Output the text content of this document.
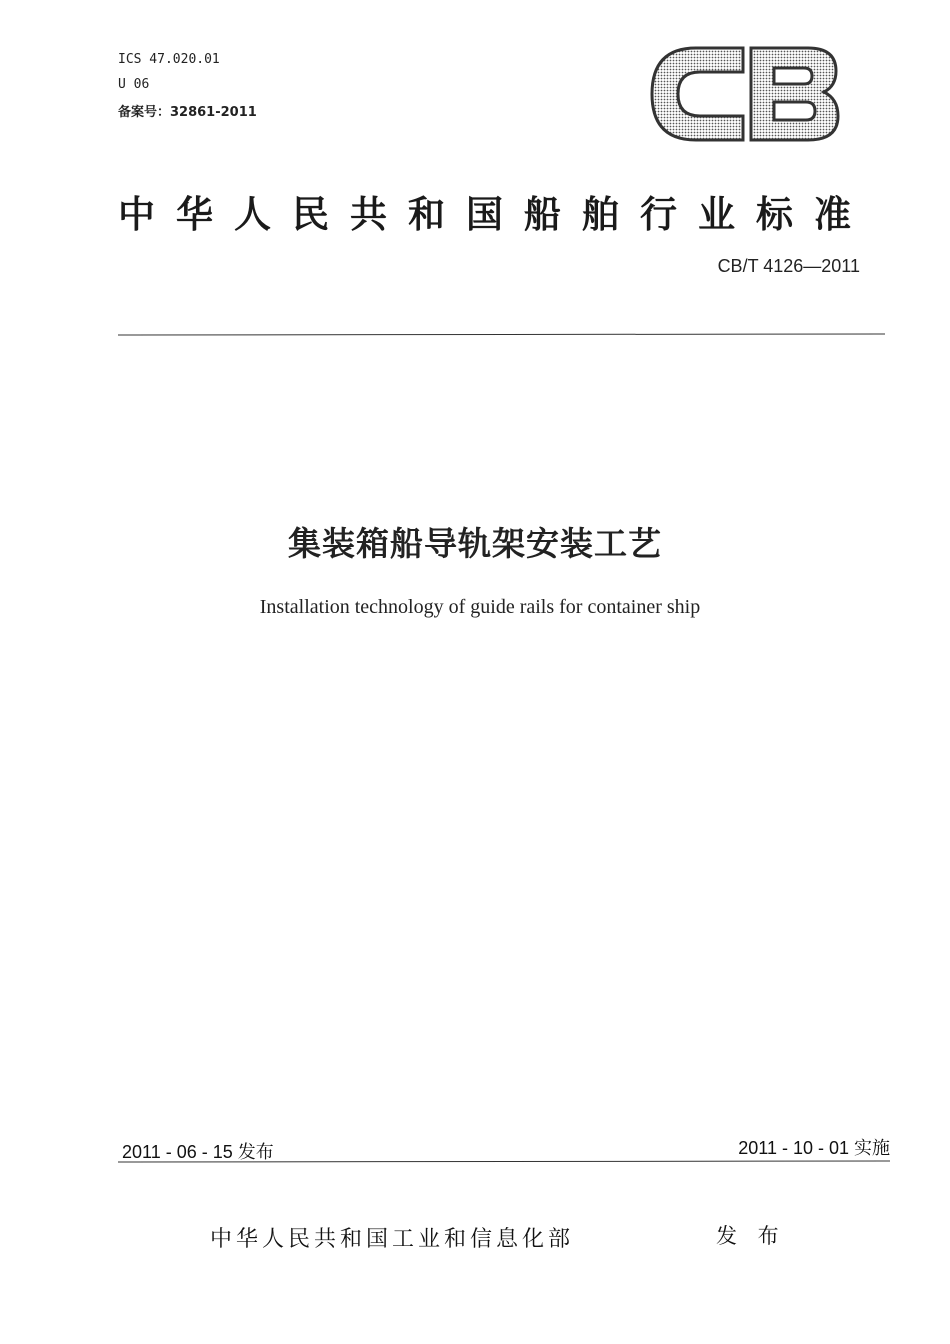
ICS 47.020.01
U 06
备案号：32861-2011
中华人民共和国船舶行业标准
CB/T 4126—2011
集装箱船导轨架安装工艺
Installation technology of guide rails for container ship
2011 - 06 - 15 发布	2011 - 10 - 01 实施
中华人民共和国工业和信息化部	发 布
